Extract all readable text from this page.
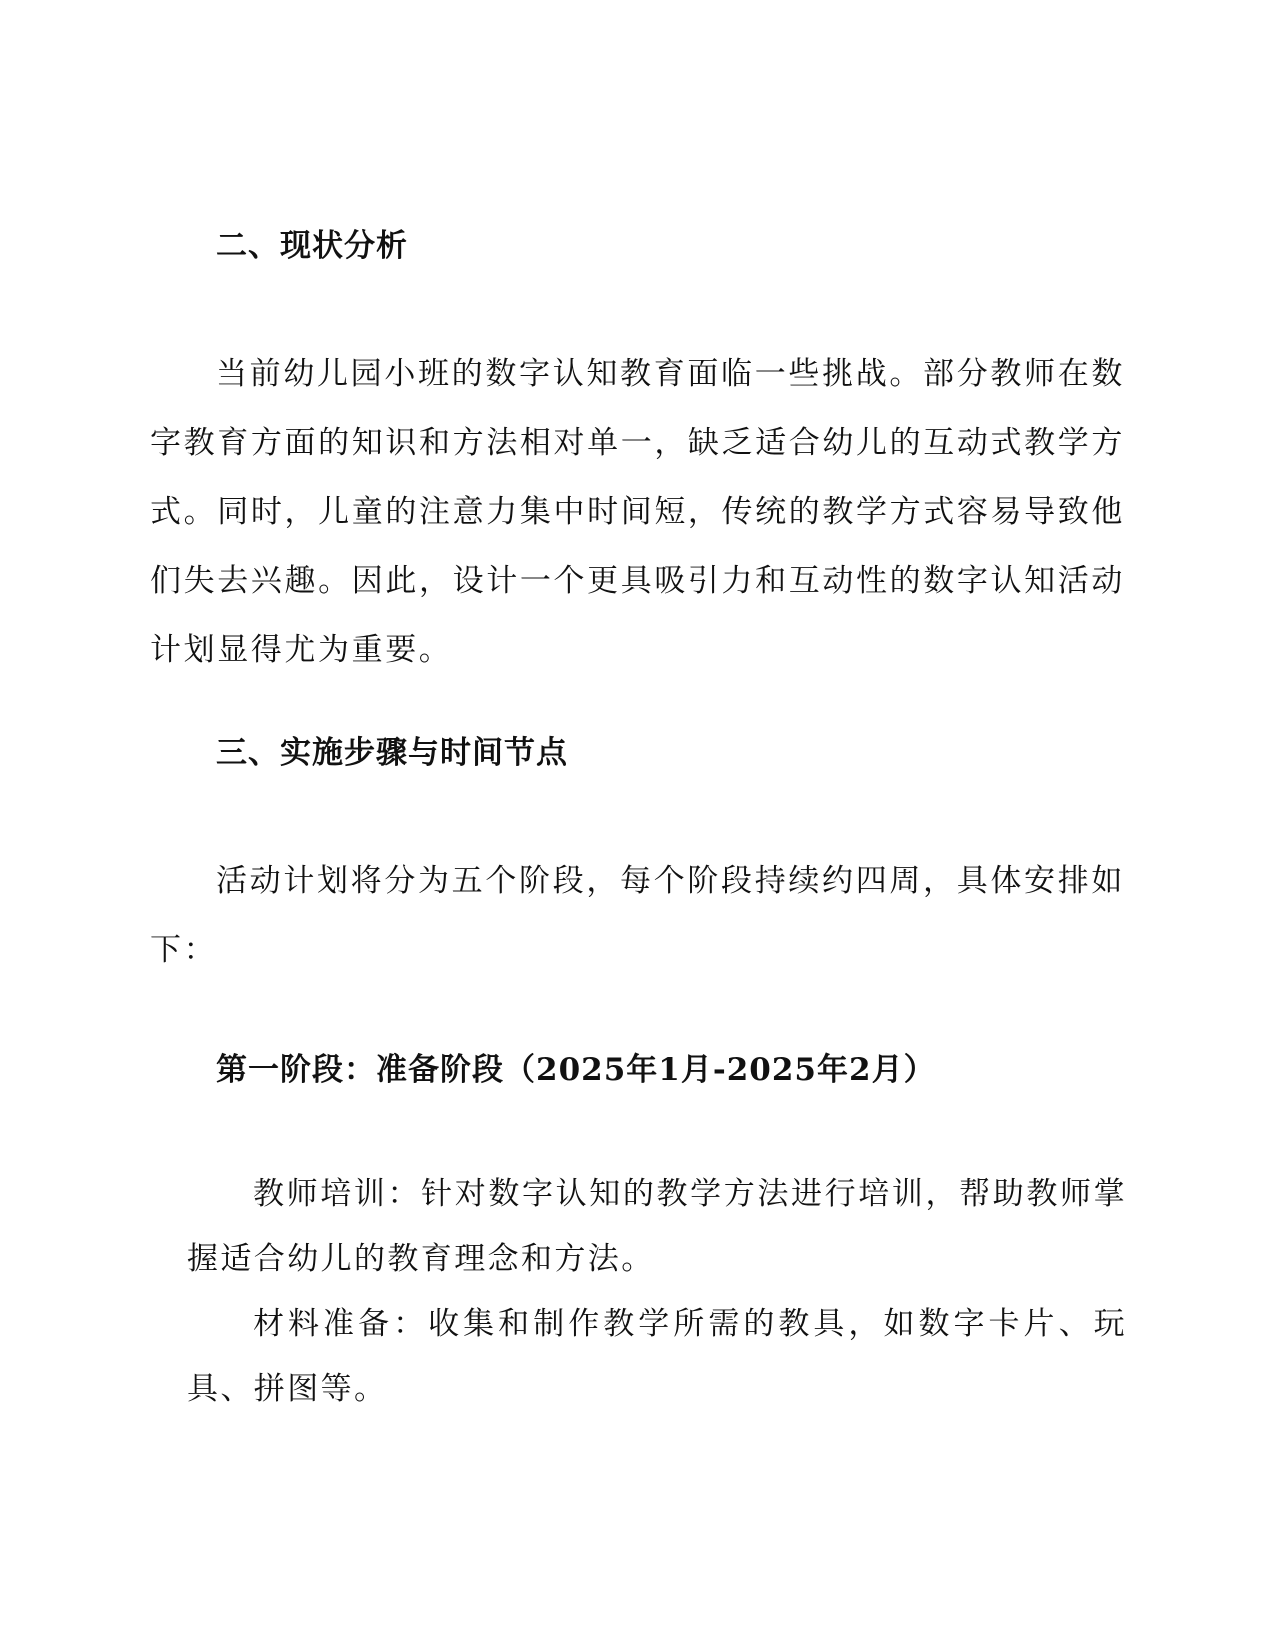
二、现状分析
当前幼儿园小班的数字认知教育面临一些挑战。部分教师在数字教育方面的知识和方法相对单一，缺乏适合幼儿的互动式教学方式。同时，儿童的注意力集中时间短，传统的教学方式容易导致他们失去兴趣。因此，设计一个更具吸引力和互动性的数字认知活动计划显得尤为重要。
三、实施步骤与时间节点
活动计划将分为五个阶段，每个阶段持续约四周，具体安排如下：
第一阶段：准备阶段（2025年1月-2025年2月）
教师培训：针对数字认知的教学方法进行培训，帮助教师掌握适合幼儿的教育理念和方法。
材料准备：收集和制作教学所需的教具，如数字卡片、玩具、拼图等。
